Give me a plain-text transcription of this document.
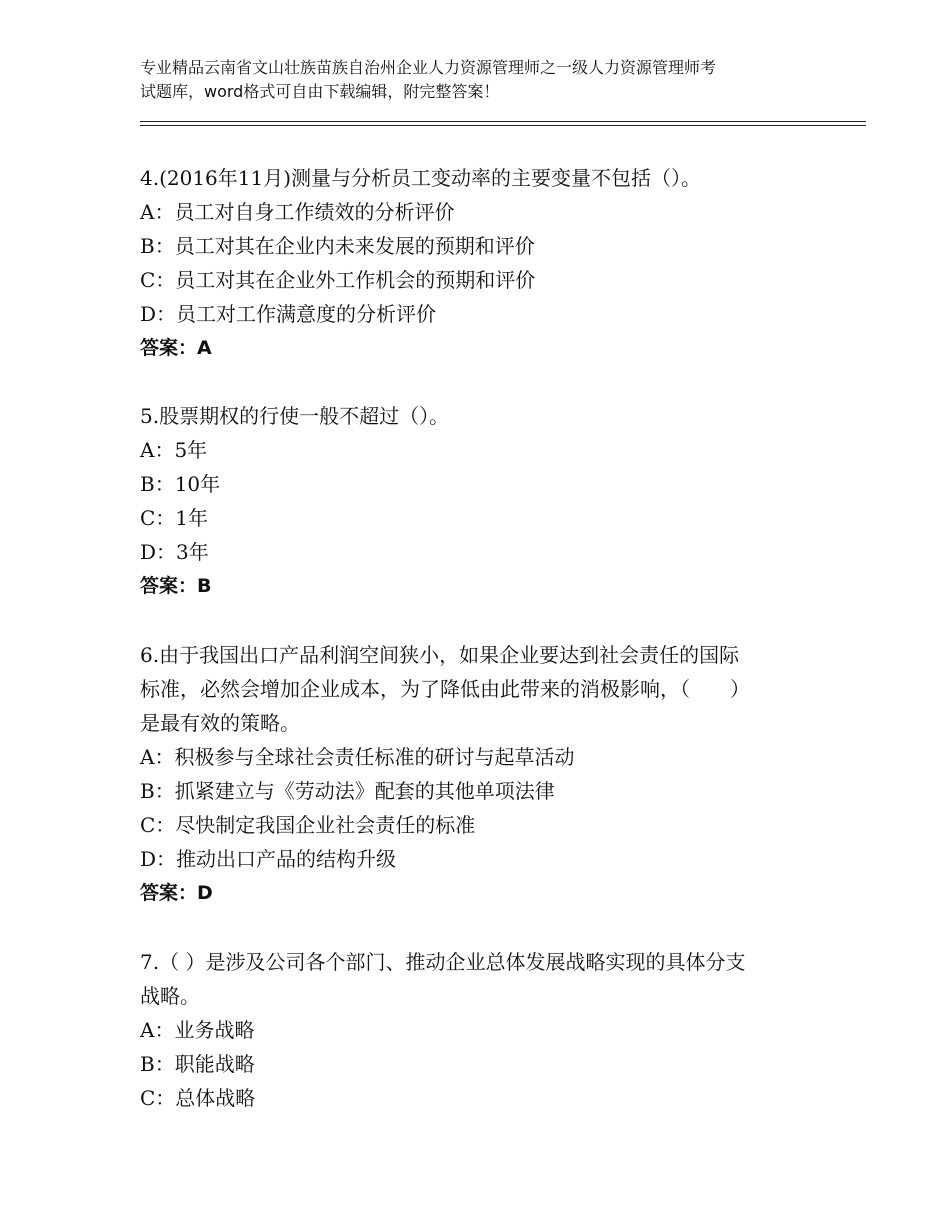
专业精品云南省文山壮族苗族自治州企业人力资源管理师之一级人力资源管理师考
试题库，word格式可自由下载编辑，附完整答案！

4.(2016年11月)测量与分析员工变动率的主要变量不包括（）。

A：员工对自身工作绩效的分析评价

B：员工对其在企业内未来发展的预期和评价

C：员工对其在企业外工作机会的预期和评价

D：员工对工作满意度的分析评价

答案：A

5.股票期权的行使一般不超过（）。

A：5年

B：10年

C：1年

D：3年

答案：B

6.由于我国出口产品利润空间狭小，如果企业要达到社会责任的国际

标准，必然会增加企业成本，为了降低由此带来的消极影响，（　　）

是最有效的策略。

A：积极参与全球社会责任标准的研讨与起草活动

B：抓紧建立与《劳动法》配套的其他单项法律

C：尽快制定我国企业社会责任的标准

D：推动出口产品的结构升级

答案：D

7.（ ）是涉及公司各个部门、推动企业总体发展战略实现的具体分支

战略。

A：业务战略

B：职能战略

C：总体战略
